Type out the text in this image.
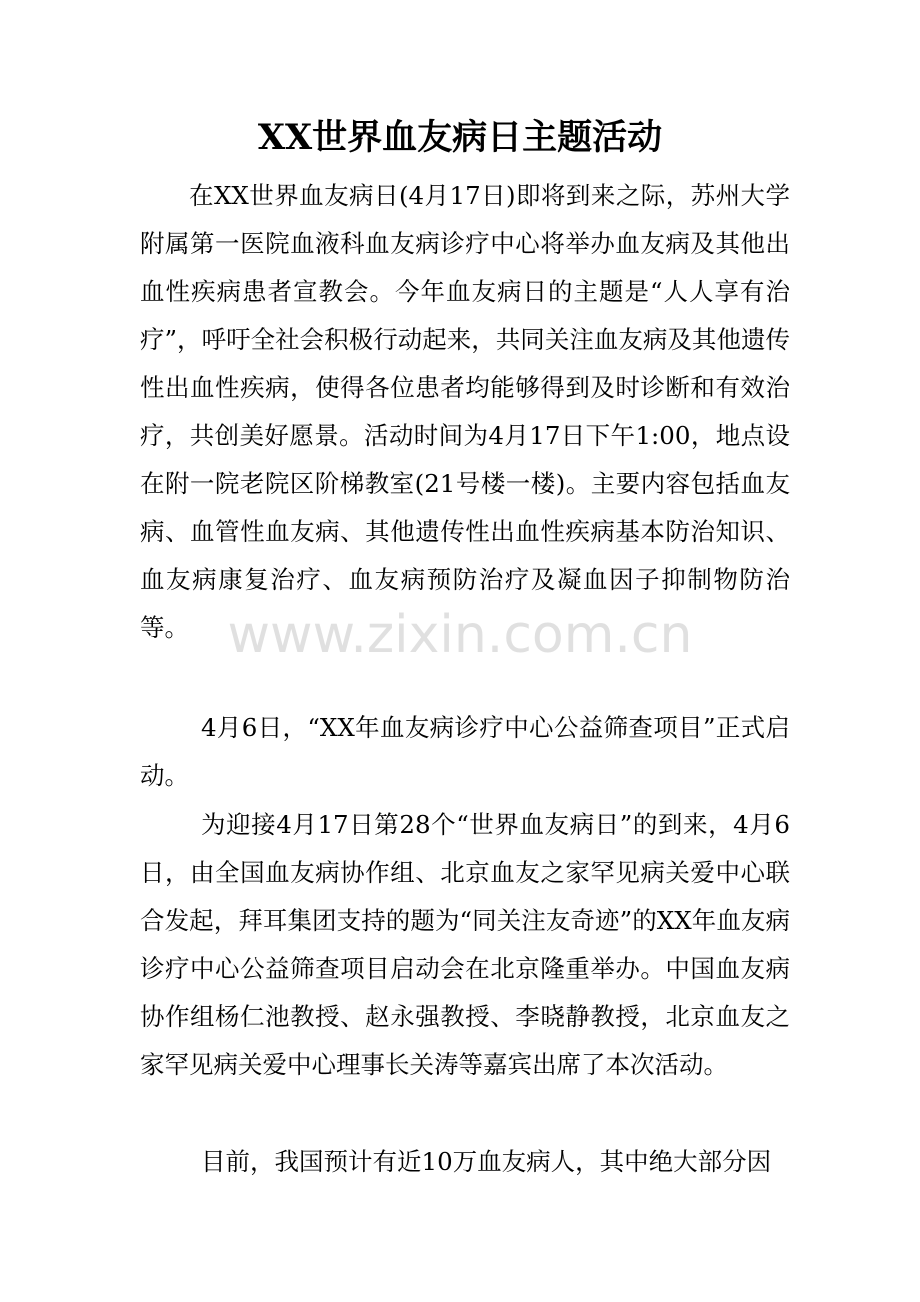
XX世界血友病日主题活动

在XX世界血友病日(4月17日)即将到来之际，苏州大学附属第一医院血液科血友病诊疗中心将举办血友病及其他出血性疾病患者宣教会。今年血友病日的主题是“人人享有治疗”，呼吁全社会积极行动起来，共同关注血友病及其他遗传性出血性疾病，使得各位患者均能够得到及时诊断和有效治疗，共创美好愿景。活动时间为4月17日下午1:00，地点设在附一院老院区阶梯教室(21号楼一楼)。主要内容包括血友病、血管性血友病、其他遗传性出血性疾病基本防治知识、血友病康复治疗、血友病预防治疗及凝血因子抑制物防治等。

4月6日，“XX年血友病诊疗中心公益筛查项目”正式启动。

为迎接4月17日第28个“世界血友病日”的到来，4月6日，由全国血友病协作组、北京血友之家罕见病关爱中心联合发起，拜耳集团支持的题为“同关注友奇迹”的XX年血友病诊疗中心公益筛查项目启动会在北京隆重举办。中国血友病协作组杨仁池教授、赵永强教授、李晓静教授，北京血友之家罕见病关爱中心理事长关涛等嘉宾出席了本次活动。

目前，我国预计有近10万血友病人，其中绝大部分因

www.zixin.com.cn
